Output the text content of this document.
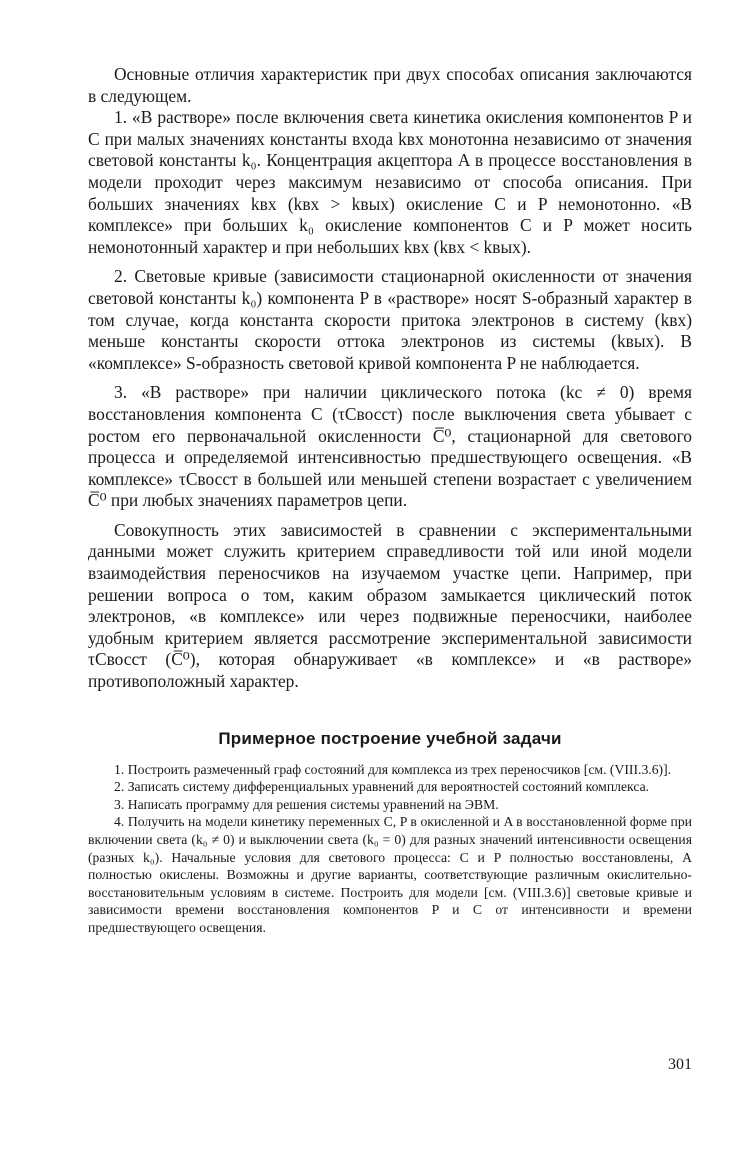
Основные отличия характеристик при двух способах описания заключаются в следующем.

1. «В растворе» после включения света кинетика окисления компонентов P и C при малых значениях константы входа kвх монотонна независимо от значения световой константы k₀. Концентрация акцептора A в процессе восстановления в модели проходит через максимум независимо от способа описания. При больших значениях kвх (kвх > kвых) окисление C и P немонотонно. «В комплексе» при больших k₀ окисление компонентов C и P может носить немонотонный характер и при небольших kвх (kвх < kвых).

2. Световые кривые (зависимости стационарной окисленности от значения световой константы k₀) компонента P в «растворе» носят S-образный характер в том случае, когда константа скорости притока электронов в систему (kвх) меньше константы скорости оттока электронов из системы (kвых). В «комплексе» S-образность световой кривой компонента P не наблюдается.

3. «В растворе» при наличии циклического потока (kc ≠ 0) время восстановления компонента C (τCвосст) после выключения света убывает с ростом его первоначальной окисленности C̅⁰, стационарной для светового процесса и определяемой интенсивностью предшествующего освещения. «В комплексе» τCвосст в большей или меньшей степени возрастает с увеличением C̅⁰ при любых значениях параметров цепи.

Совокупность этих зависимостей в сравнении с экспериментальными данными может служить критерием справедливости той или иной модели взаимодействия переносчиков на изучаемом участке цепи. Например, при решении вопроса о том, каким образом замыкается циклический поток электронов, «в комплексе» или через подвижные переносчики, наиболее удобным критерием является рассмотрение экспериментальной зависимости τCвосст (C̅⁰), которая обнаруживает «в комплексе» и «в растворе» противоположный характер.

Примерное построение учебной задачи

1. Построить размеченный граф состояний для комплекса из трех переносчиков [см. (VIII.3.6)].

2. Записать систему дифференциальных уравнений для вероятностей состояний комплекса.

3. Написать программу для решения системы уравнений на ЭВМ.

4. Получить на модели кинетику переменных C, P в окисленной и A в восстановленной форме при включении света (k₀ ≠ 0) и выключении света (k₀ = 0) для разных значений интенсивности освещения (разных k₀). Начальные условия для светового процесса: C и P полностью восстановлены, A полностью окислены. Возможны и другие варианты, соответствующие различным окислительно-восстановительным условиям в системе. Построить для модели [см. (VIII.3.6)] световые кривые и зависимости времени восстановления компонентов P и C от интенсивности и времени предшествующего освещения.

301
